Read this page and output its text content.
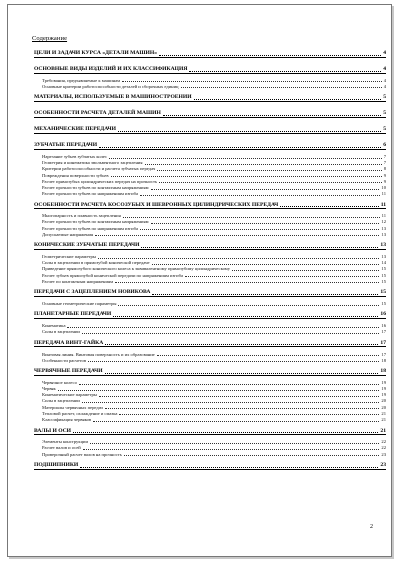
Содержание
ЦЕЛИ И ЗАДАЧИ КУРСА «ДЕТАЛИ МАШИН»	4
ОСНОВНЫЕ ВИДЫ ИЗДЕЛИЙ И ИХ КЛАССИФИКАЦИЯ	4
Требования, предъявляемые к машинам	4
Основные критерии работоспособности деталей и сборочных единиц	4
МАТЕРИАЛЫ, ИСПОЛЬЗУЕМЫЕ В МАШИНОСТРОЕНИИ	5
ОСОБЕННОСТИ РАСЧЕТА ДЕТАЛЕЙ МАШИН	5
МЕХАНИЧЕСКИЕ ПЕРЕДАЧИ	5
ЗУБЧАТЫЕ ПЕРЕДАЧИ	6
Нарезание зубьев зубчатых колес	7
Геометрия и кинематика эвольвентного зацепления	7
Критерии работоспособности и расчета зубчатых передач	8
Повреждения поверхности зубьев	9
Расчет прямозубых цилиндрических передач на прочность	9
Расчет прочности зубьев по контактным напряжениям	10
Расчет прочности зубьев по напряжениям изгиба	11
ОСОБЕННОСТИ РАСЧЕТА КОСОЗУБЫХ И ШЕВРОННЫХ ЦИЛИНДРИЧЕСКИХ ПЕРЕДАЧ	11
Многопарность и плавность зацепления	11
Расчет прочности зубьев по контактным напряжениям	12
Расчет прочности зубьев по напряжениям изгиба	13
Допускаемые напряжения	13
КОНИЧЕСКИЕ ЗУБЧАТЫЕ ПЕРЕДАЧИ	13
Геометрические параметры	13
Силы в зацеплении в прямозубой конической передаче	14
Приведение прямозубого конического колеса к эквивалентному прямозубому цилиндрическому	15
Расчет зубьев прямозубой конической передачи по напряжениям изгиба	15
Расчет по контактным напряжениям	15
ПЕРЕДАЧИ С ЗАЦЕПЛЕНИЕМ НОВИКОВА	15
Основные геометрические параметры	15
ПЛАНЕТАРНЫЕ ПЕРЕДАЧИ	16
Кинематика	16
Силы в зацеплении	17
ПЕРЕДАЧА ВИНТ-ГАЙКА	17
Винтовая линия. Винтовая поверхность и их образование	17
Особенности расчетов	18
ЧЕРВЯЧНЫЕ ПЕРЕДАЧИ	18
Червячное колесо	19
Червяк	19
Кинематические параметры	19
Силы в зацеплении	20
Материалы червячных передач	20
Тепловой расчет, охлаждение и смазка	21
Классификация червяков	21
ВАЛЫ И ОСИ	21
Элементы конструкции	22
Расчет валов и осей	22
Проверочный расчет валов на прочность	23
ПОДШИПНИКИ	23
2
